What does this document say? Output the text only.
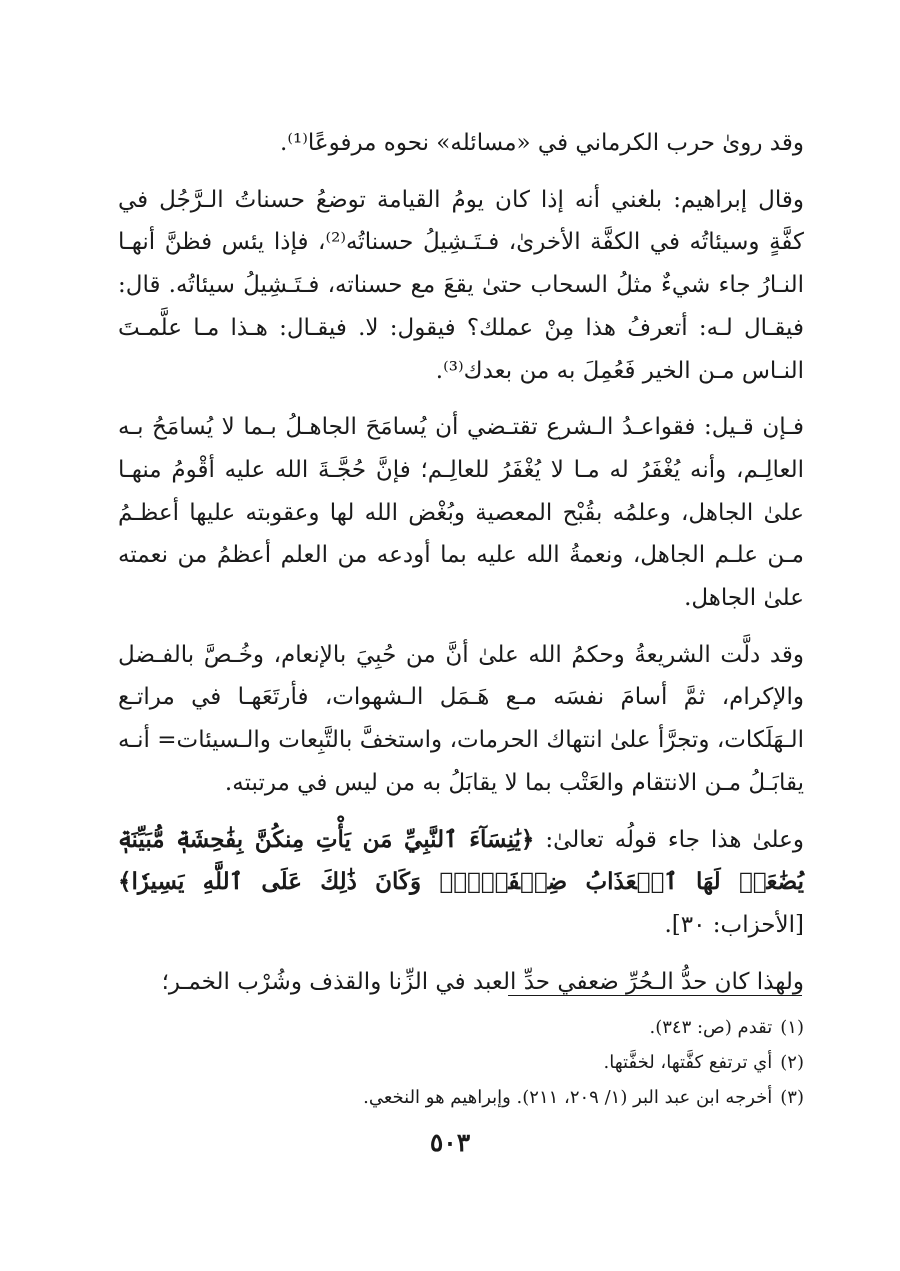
وقد روىٰ حرب الكرماني في «مسائله» نحوه مرفوعًا⁽¹⁾.

وقال إبراهيم: بلغني أنه إذا كان يومُ القيامة توضعُ حسناتُ الـرَّجُل في كفَّةٍ وسيئاتُه في الكفَّة الأخرىٰ، فـتَـشِيلُ حسناتُه⁽²⁾، فإذا يئس فظنَّ أنهـا النـارُ جاء شيءٌ مثلُ السحاب حتىٰ يقعَ مع حسناته، فـتَـشِيلُ سيئاتُه. قال: فيقـال لـه: أتعرفُ هذا مِنْ عملك؟ فيقول: لا. فيقـال: هـذا مـا علَّمـتَ النـاس مـن الخير فَعُمِلَ به من بعدك⁽³⁾.

فـإن قـيل: فقواعـدُ الـشرع تقتـضي أن يُسامَحَ الجاهـلُ بـما لا يُسامَحُ بـه العالِـم، وأنه يُغْفَرُ له مـا لا يُغْفَرُ للعالِـم؛ فإنَّ حُجَّـةَ الله عليه أقْومُ منهـا علىٰ الجاهل، وعلمُه بقُبْح المعصية وبُغْض الله لها وعقوبته عليها أعظـمُ مـن علـم الجاهل، ونعمةُ الله عليه بما أودعه من العلم أعظمُ من نعمته علىٰ الجاهل.

وقد دلَّت الشريعةُ وحكمُ الله علىٰ أنَّ من حُبِيَ بالإنعام، وخُـصَّ بالفـضل والإكرام، ثمَّ أسامَ نفسَه مـع هَـمَل الـشهوات، فأرتَعَهـا في مراتـع الـهَلَكات، وتجرَّأ علىٰ انتهاك الحرمات، واستخفَّ بالتَّبِعات والـسيئات= أنـه يقابَـلُ مـن الانتقام والعَتْب بما لا يقابَلُ به من ليس في مرتبته.

وعلىٰ هذا جاء قولُه تعالىٰ: ﴿يَٰنِسَآءَ ٱلنَّبِيِّ مَن يَأْتِ مِنكُنَّ بِفَٰحِشَةٖ مُّبَيِّنَةٖ يُضَٰعَفۡ لَهَا ٱلۡعَذَابُ ضِعۡفَيۡنِۚ وَكَانَ ذَٰلِكَ عَلَى ٱللَّهِ يَسِيرٗا﴾ [الأحزاب: ٣٠].

ولهذا كان حدُّ الـحُرِّ ضعفي حدِّ العبد في الزِّنا والقذف وشُرْب الخمـر؛

(١)تقدم (ص: ٣٤٣).

(٢)أي ترتفع كفَّتها، لخفَّتها.

(٣)أخرجه ابن عبد البر (١/ ٢٠٩، ٢١١). وإبراهيم هو النخعي.

٥٠٣
